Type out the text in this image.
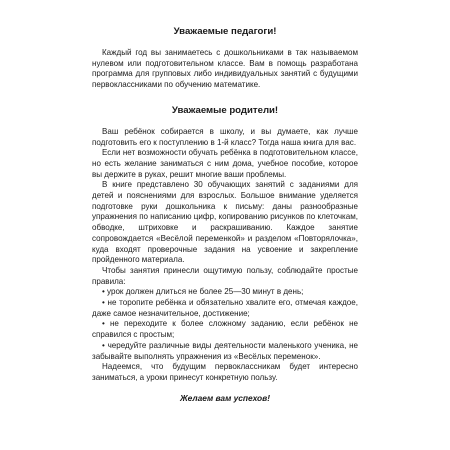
Уважаемые педагоги!

Каждый год вы занимаетесь с дошкольниками в так называемом нулевом или подготовительном классе. Вам в помощь разработана программа для групповых либо индивидуальных занятий с будущими первоклассниками по обучению математике.

Уважаемые родители!

Ваш ребёнок собирается в школу, и вы думаете, как лучше подготовить его к поступлению в 1-й класс? Тогда наша книга для вас.

Если нет возможности обучать ребёнка в подготовительном классе, но есть желание заниматься с ним дома, учебное пособие, которое вы держите в руках, решит многие ваши проблемы.

В книге представлено 30 обучающих занятий с заданиями для детей и пояснениями для взрослых. Большое внимание уделяется подготовке руки дошкольника к письму: даны разнообразные упражнения по написанию цифр, копированию рисунков по клеточкам, обводке, штриховке и раскрашиванию. Каждое занятие сопровождается «Весёлой переменкой» и разделом «Повторялочка», куда входят проверочные задания на усвоение и закрепление пройденного материала.

Чтобы занятия принесли ощутимую пользу, соблюдайте простые правила:

• урок должен длиться не более 25—30 минут в день;

• не торопите ребёнка и обязательно хвалите его, отмечая каждое, даже самое незначительное, достижение;

• не переходите к более сложному заданию, если ребёнок не справился с простым;

• чередуйте различные виды деятельности маленького ученика, не забывайте выполнять упражнения из «Весёлых переменок».

Надеемся, что будущим первоклассникам будет интересно заниматься, а уроки принесут конкретную пользу.

Желаем вам успехов!
